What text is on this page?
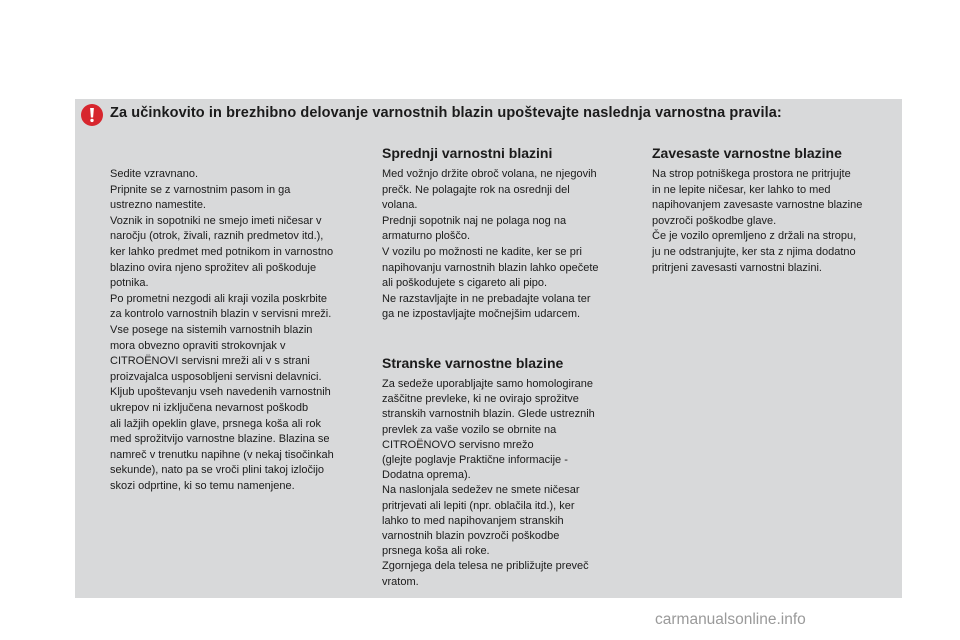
Za učinkovito in brezhibno delovanje varnostnih blazin upoštevajte naslednja varnostna pravila:
Sedite vzravnano.
Pripnite se z varnostnim pasom in ga
ustrezno namestite.
Voznik in sopotniki ne smejo imeti ničesar v
naročju (otrok, živali, raznih predmetov itd.),
ker lahko predmet med potnikom in varnostno
blazino ovira njeno sprožitev ali poškoduje
potnika.
Po prometni nezgodi ali kraji vozila poskrbite
za kontrolo varnostnih blazin v servisni mreži.
Vse posege na sistemih varnostnih blazin
mora obvezno opraviti strokovnjak v
CITROËNOVI servisni mreži ali v s strani
proizvajalca usposobljeni servisni delavnici.
Kljub upoštevanju vseh navedenih varnostnih
ukrepov ni izključena nevarnost poškodb
ali lažjih opeklin glave, prsnega koša ali rok
med sprožitvijo varnostne blazine. Blazina se
namreč v trenutku napihne (v nekaj tisočinkah
sekunde), nato pa se vroči plini takoj izločijo
skozi odprtine, ki so temu namenjene.
Sprednji varnostni blazini
Med vožnjo držite obroč volana, ne njegovih
prečk. Ne polagajte rok na osrednji del
volana.
Prednji sopotnik naj ne polaga nog na
armaturno ploščo.
V vozilu po možnosti ne kadite, ker se pri
napihovanju varnostnih blazin lahko opečete
ali poškodujete s cigareto ali pipo.
Ne razstavljajte in ne prebadajte volana ter
ga ne izpostavljajte močnejšim udarcem.
Stranske varnostne blazine
Za sedeže uporabljajte samo homologirane
zaščitne prevleke, ki ne ovirajo sprožitve
stranskih varnostnih blazin. Glede ustreznih
prevlek za vaše vozilo se obrnite na
CITROËNOVO servisno mrežo
(glejte poglavje Praktične informacije -
Dodatna oprema).
Na naslonjala sedežev ne smete ničesar
pritrjevati ali lepiti (npr. oblačila itd.), ker
lahko to med napihovanjem stranskih
varnostnih blazin povzroči poškodbe
prsnega koša ali roke.
Zgornjega dela telesa ne približujte preveč
vratom.
Zavesaste varnostne blazine
Na strop potniškega prostora ne pritrjujte
in ne lepite ničesar, ker lahko to med
napihovanjem zavesaste varnostne blazine
povzroči poškodbe glave.
Če je vozilo opremljeno z držali na stropu,
ju ne odstranjujte, ker sta z njima dodatno
pritrjeni zavesasti varnostni blazini.
carmanualsonline.info
